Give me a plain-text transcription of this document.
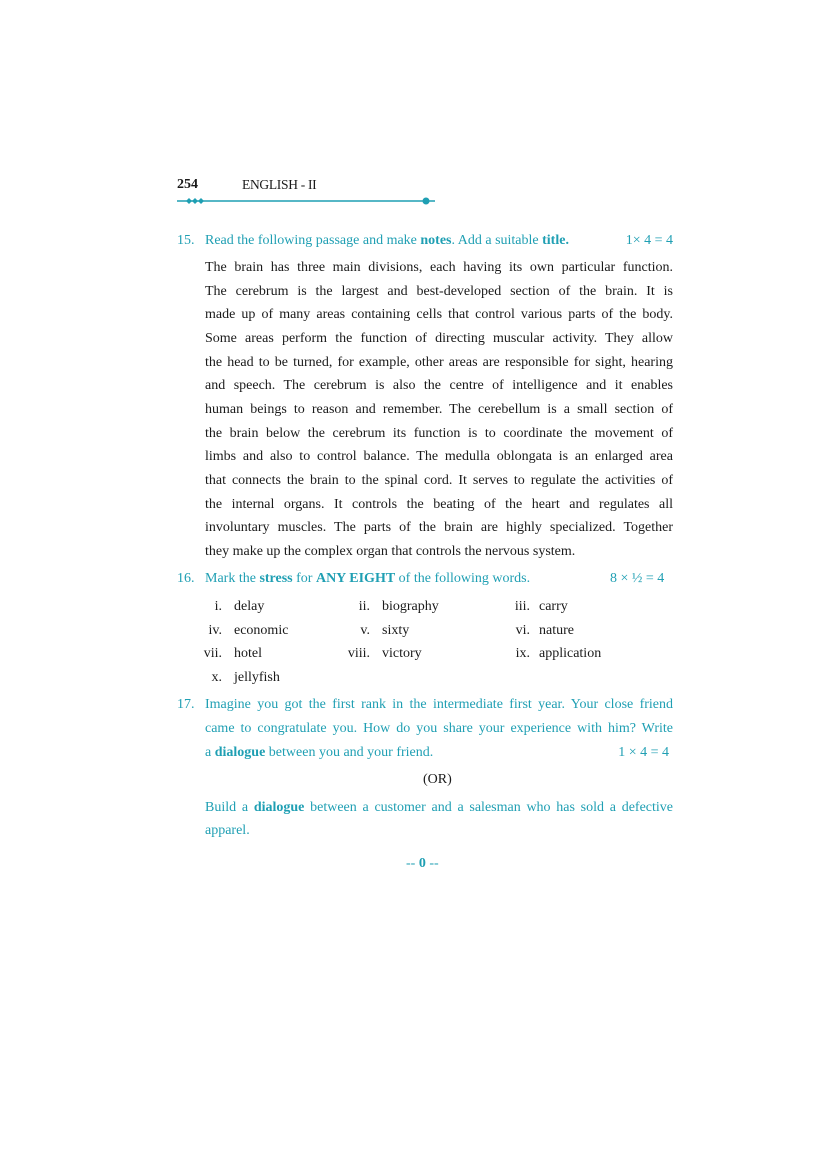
254	ENGLISH - II
15. Read the following passage and make notes. Add a suitable title.	1× 4 = 4
The brain has three main divisions, each having its own particular function.
The cerebrum is the largest and best-developed section of the brain. It is
made up of many areas containing cells that control various parts of the body.
Some areas perform the function of directing muscular activity. They allow
the head to be turned, for example, other areas are responsible for sight, hearing
and speech. The cerebrum is also the centre of intelligence and it enables
human beings to reason and remember. The cerebellum is a small section of
the brain below the cerebrum its function is to coordinate the movement of
limbs and also to control balance. The medulla oblongata is an enlarged area
that connects the brain to the spinal cord. It serves to regulate the activities of
the internal organs. It controls the beating of the heart and regulates all
involuntary muscles. The parts of the brain are highly specialized. Together
they make up the complex organ that controls the nervous system.
16. Mark the stress for ANY EIGHT of the following words.	8 × ½ = 4
i. delay	ii. biography	iii. carry
iv. economic	v. sixty	vi. nature
vii. hotel	viii. victory	ix. application
x. jellyfish
17. Imagine you got the first rank in the intermediate first year. Your close friend
came to congratulate you. How do you share your experience with him? Write
a dialogue between you and your friend.	1 × 4 = 4
(OR)
Build a dialogue between a customer and a salesman who has sold a defective
apparel.
-- 0 --
